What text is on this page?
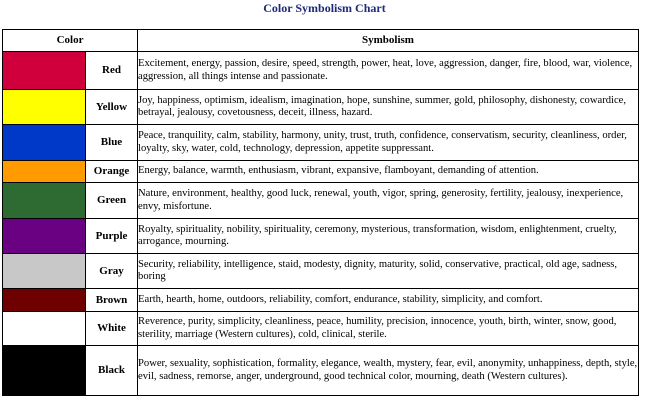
Color Symbolism Chart
Color		Symbolism
	Red	Excitement, energy, passion, desire, speed, strength, power, heat, love, aggression, danger, fire, blood, war, violence, aggression, all things intense and passionate.
	Yellow	Joy, happiness, optimism, idealism, imagination, hope, sunshine, summer, gold, philosophy, dishonesty, cowardice, betrayal, jealousy, covetousness, deceit, illness, hazard.
	Blue	Peace, tranquility, calm, stability, harmony, unity, trust, truth, confidence, conservatism, security, cleanliness, order, loyalty, sky, water, cold, technology, depression, appetite suppressant.
	Orange	Energy, balance, warmth, enthusiasm, vibrant, expansive, flamboyant, demanding of attention.
	Green	Nature, environment, healthy, good luck, renewal, youth, vigor, spring, generosity, fertility, jealousy, inexperience, envy, misfortune.
	Purple	Royalty, spirituality, nobility, spirituality, ceremony, mysterious, transformation, wisdom, enlightenment, cruelty, arrogance, mourning.
	Gray	Security, reliability, intelligence, staid, modesty, dignity, maturity, solid, conservative, practical, old age, sadness, boring
	Brown	Earth, hearth, home, outdoors, reliability, comfort, endurance, stability, simplicity, and comfort.
	White	Reverence, purity, simplicity, cleanliness, peace, humility, precision, innocence, youth, birth, winter, snow, good, sterility, marriage (Western cultures), cold, clinical, sterile.
	Black	Power, sexuality, sophistication, formality, elegance, wealth, mystery, fear, evil, anonymity, unhappiness, depth, style, evil, sadness, remorse, anger, underground, good technical color, mourning, death (Western cultures).
